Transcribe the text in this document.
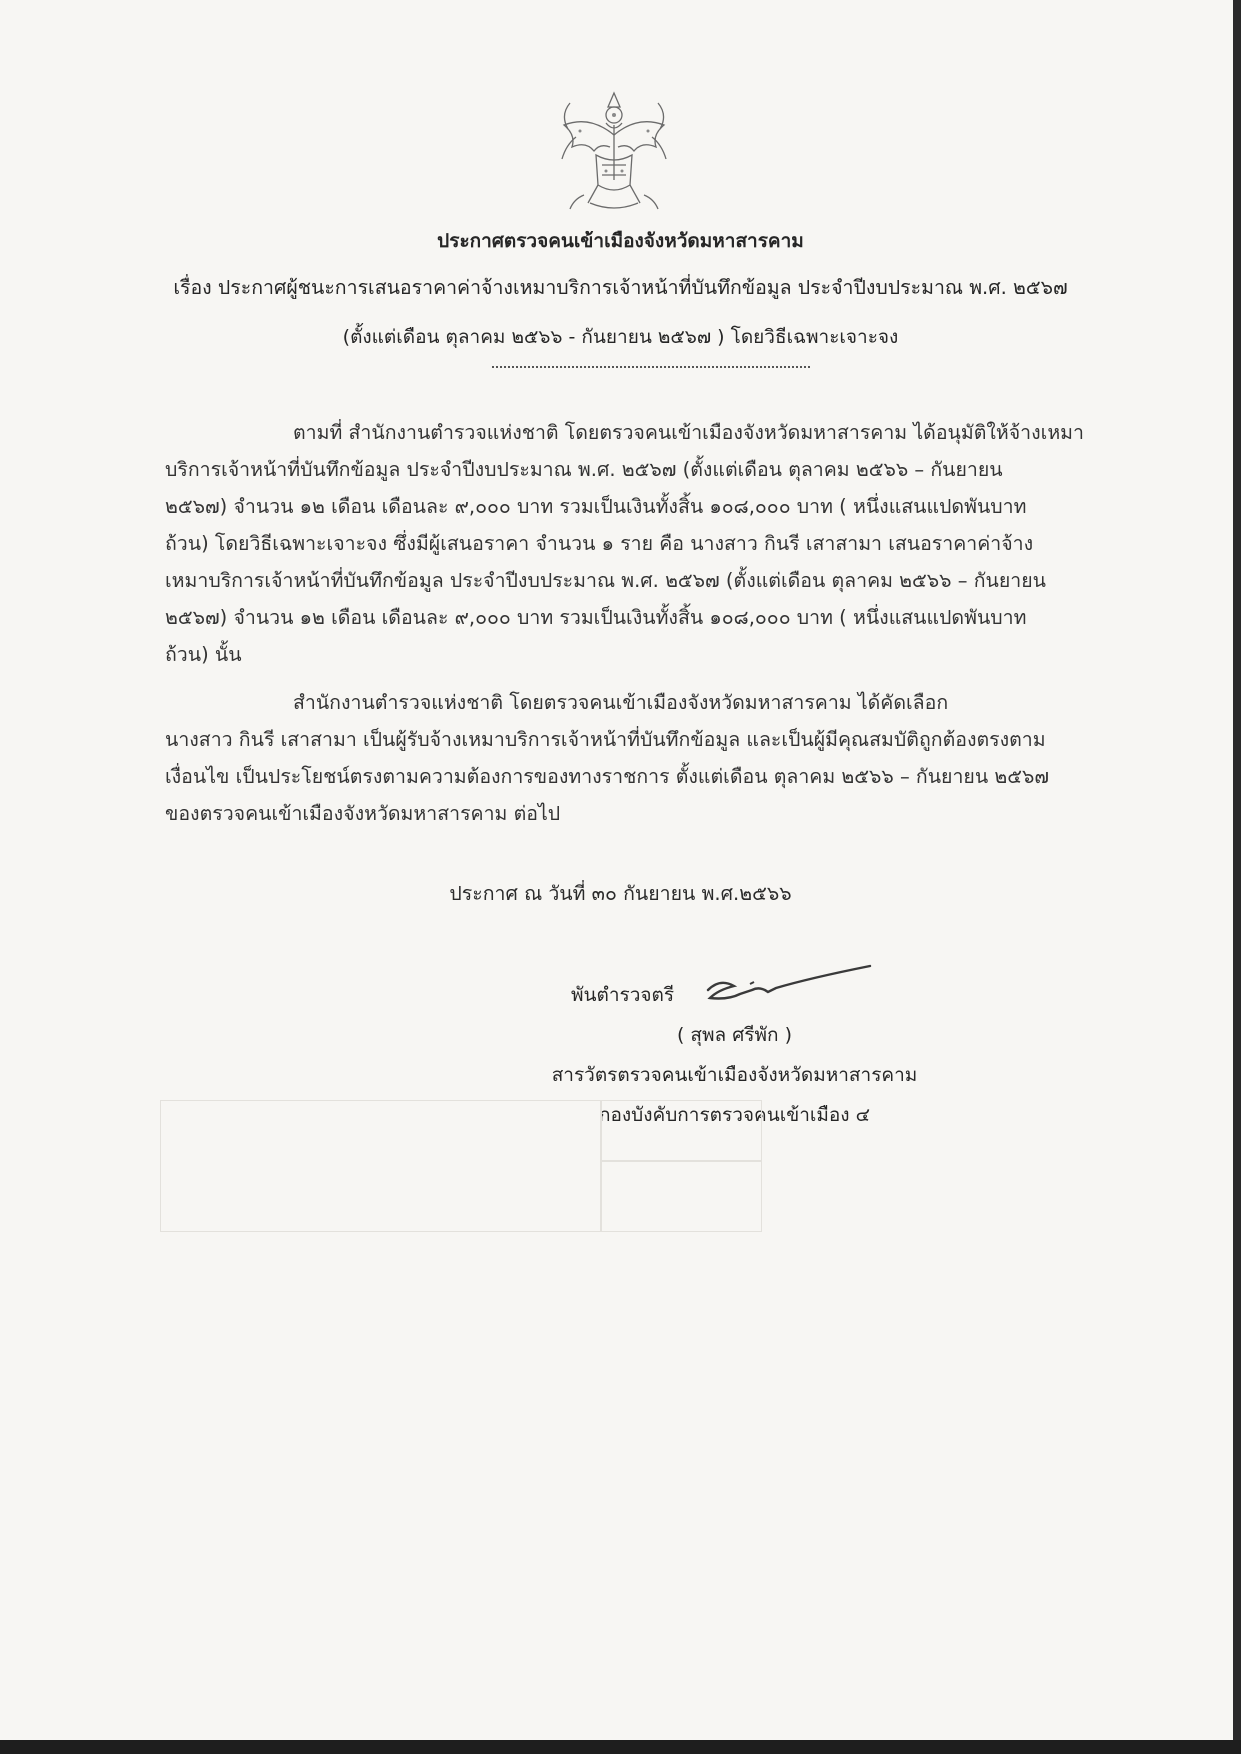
ประกาศตรวจคนเข้าเมืองจังหวัดมหาสารคาม
เรื่อง ประกาศผู้ชนะการเสนอราคาค่าจ้างเหมาบริการเจ้าหน้าที่บันทึกข้อมูล ประจำปีงบประมาณ พ.ศ. ๒๕๖๗
(ตั้งแต่เดือน ตุลาคม ๒๕๖๖ - กันยายน ๒๕๖๗ ) โดยวิธีเฉพาะเจาะจง
ตามที่ สำนักงานตำรวจแห่งชาติ โดยตรวจคนเข้าเมืองจังหวัดมหาสารคาม ได้อนุมัติให้จ้างเหมา
บริการเจ้าหน้าที่บันทึกข้อมูล ประจำปีงบประมาณ พ.ศ. ๒๕๖๗ (ตั้งแต่เดือน ตุลาคม ๒๕๖๖ – กันยายน
๒๕๖๗) จำนวน ๑๒ เดือน เดือนละ ๙,๐๐๐ บาท รวมเป็นเงินทั้งสิ้น ๑๐๘,๐๐๐ บาท ( หนึ่งแสนแปดพันบาท
ถ้วน) โดยวิธีเฉพาะเจาะจง ซึ่งมีผู้เสนอราคา จำนวน ๑ ราย คือ นางสาว กินรี เสาสามา เสนอราคาค่าจ้าง
เหมาบริการเจ้าหน้าที่บันทึกข้อมูล ประจำปีงบประมาณ พ.ศ. ๒๕๖๗ (ตั้งแต่เดือน ตุลาคม ๒๕๖๖ – กันยายน
๒๕๖๗) จำนวน ๑๒ เดือน เดือนละ ๙,๐๐๐ บาท รวมเป็นเงินทั้งสิ้น ๑๐๘,๐๐๐ บาท ( หนึ่งแสนแปดพันบาท
ถ้วน) นั้น
สำนักงานตำรวจแห่งชาติ โดยตรวจคนเข้าเมืองจังหวัดมหาสารคาม ได้คัดเลือก
นางสาว กินรี เสาสามา เป็นผู้รับจ้างเหมาบริการเจ้าหน้าที่บันทึกข้อมูล และเป็นผู้มีคุณสมบัติถูกต้องตรงตาม
เงื่อนไข เป็นประโยชน์ตรงตามความต้องการของทางราชการ ตั้งแต่เดือน ตุลาคม ๒๕๖๖ – กันยายน ๒๕๖๗
ของตรวจคนเข้าเมืองจังหวัดมหาสารคาม ต่อไป
ประกาศ ณ วันที่ ๓๐ กันยายน พ.ศ.๒๕๖๖
พันตำรวจตรี
( สุพล ศรีพัก )
สารวัตรตรวจคนเข้าเมืองจังหวัดมหาสารคาม
กองบังคับการตรวจคนเข้าเมือง ๔
